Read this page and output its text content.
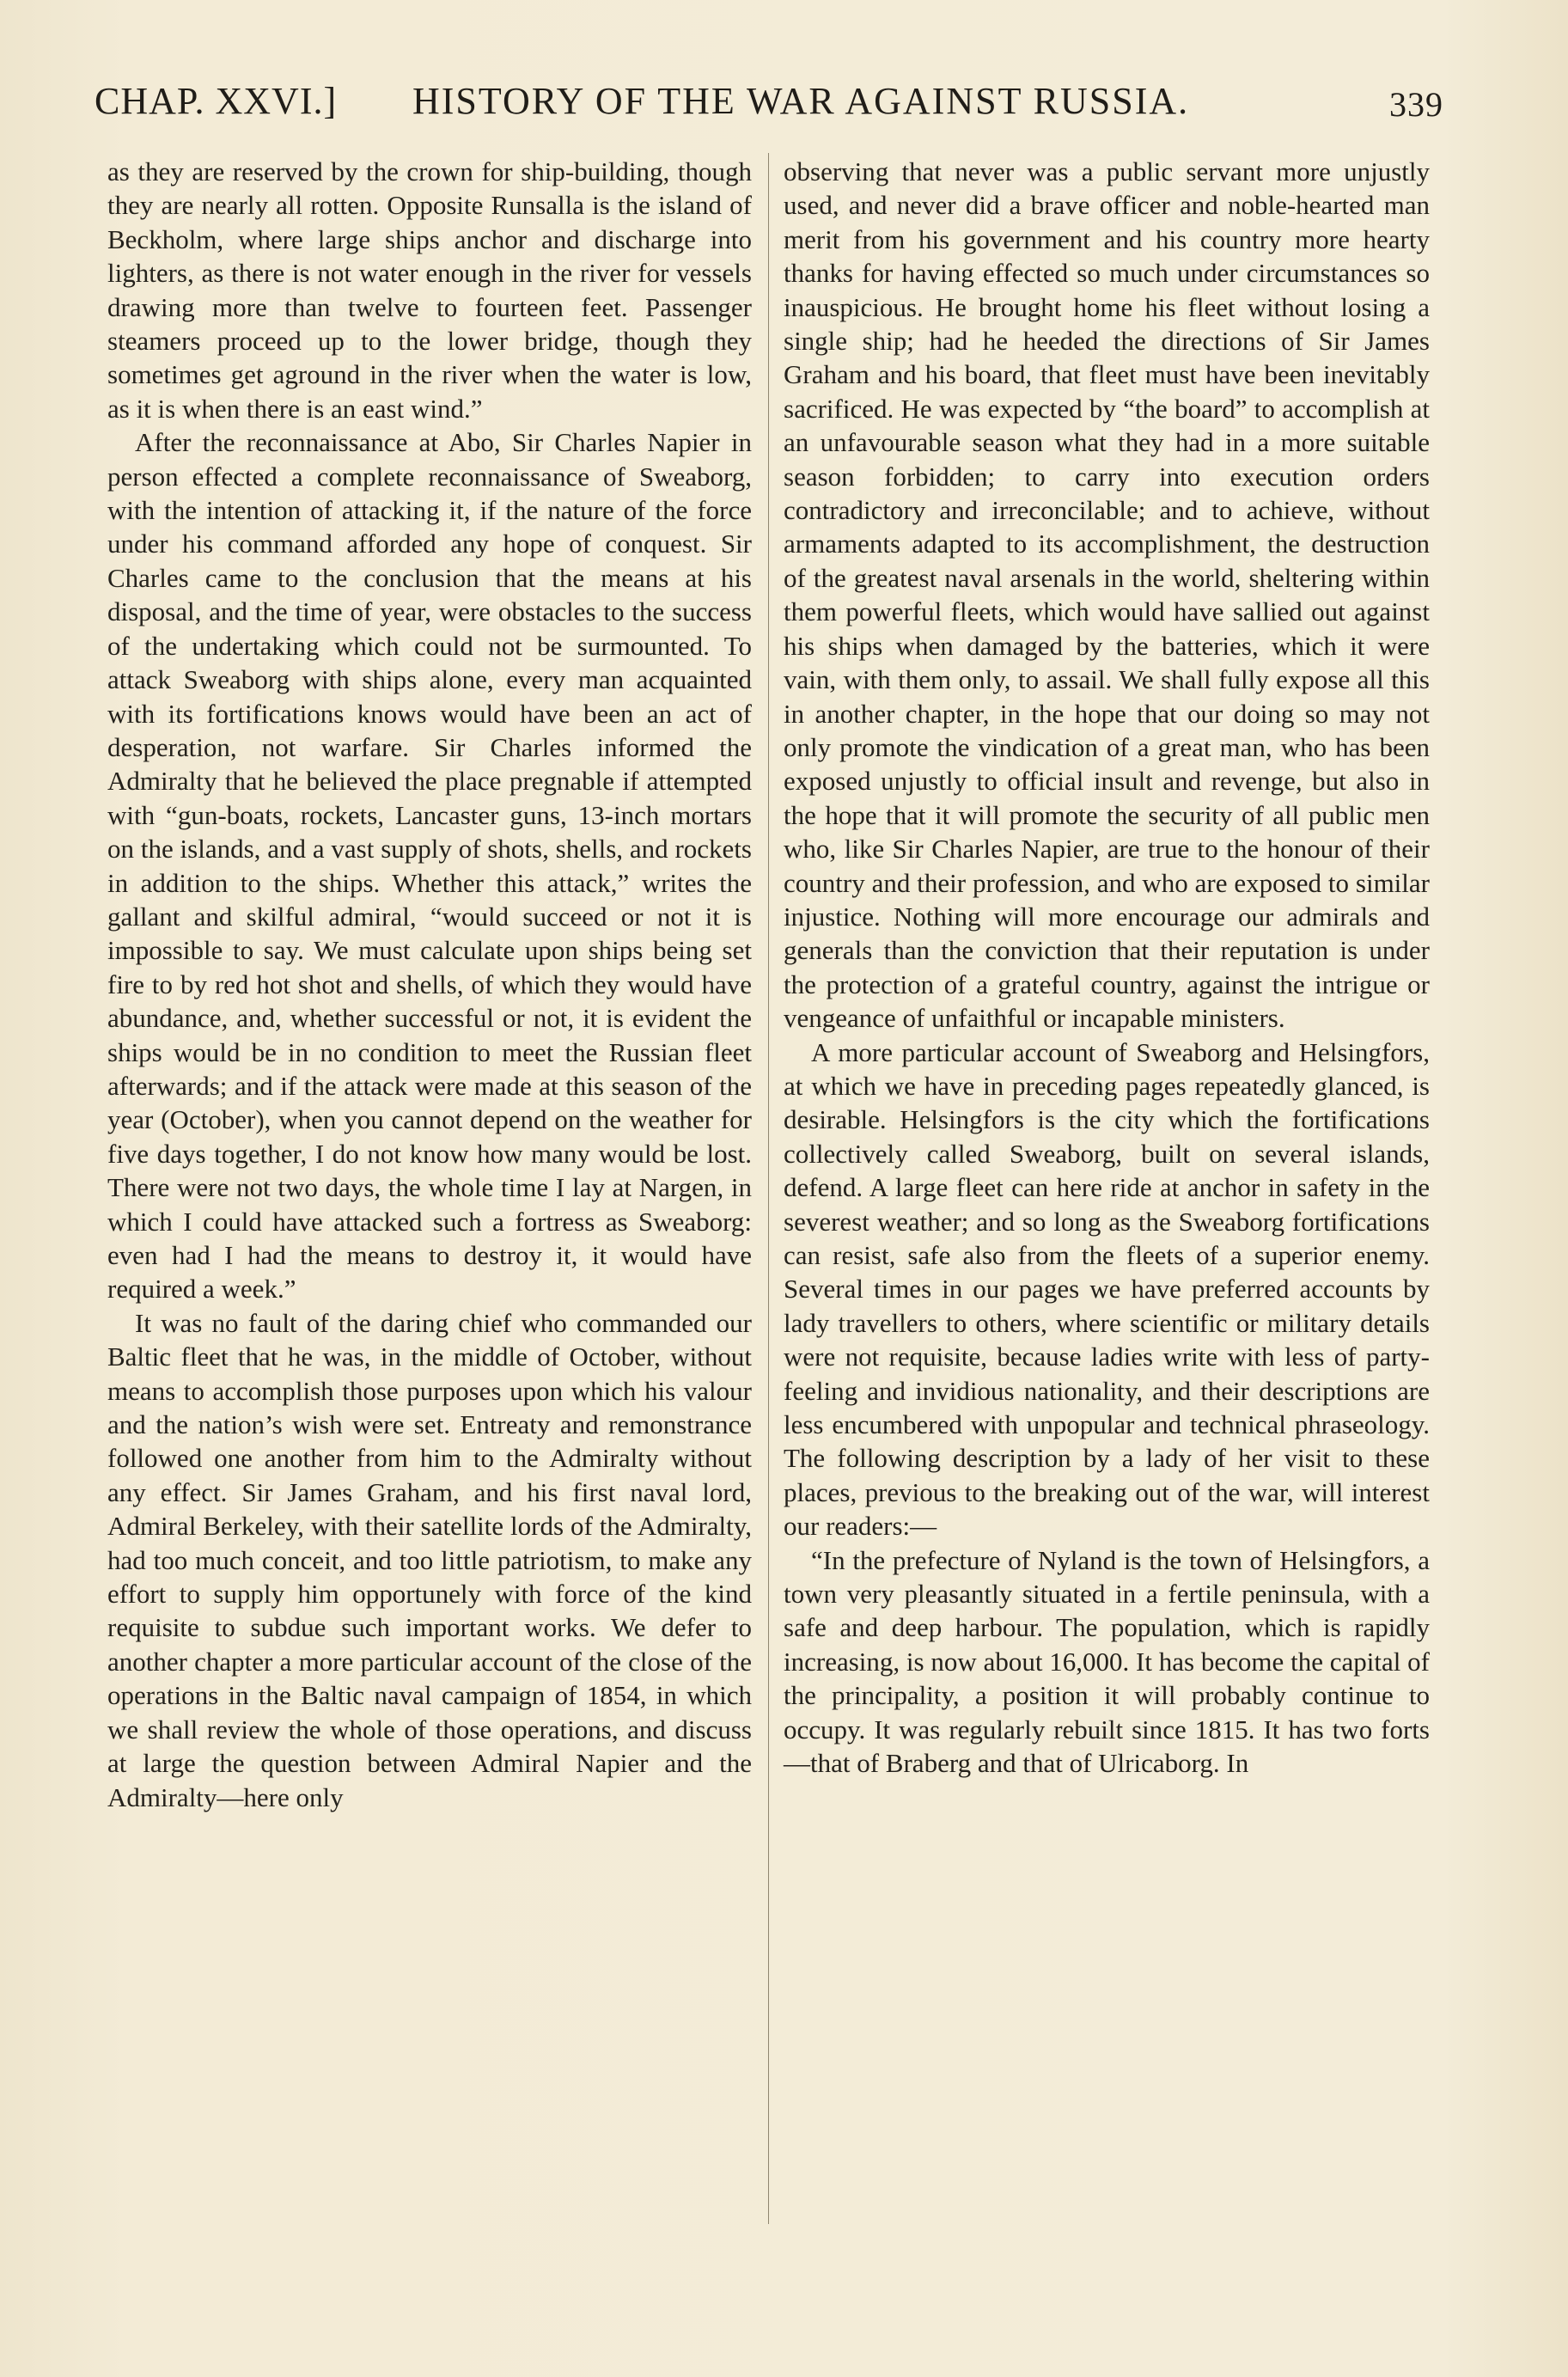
CHAP. XXVI.] HISTORY OF THE WAR AGAINST RUSSIA.	339

as they are reserved by the crown for ship-building, though they are nearly all rotten. Opposite Runsalla is the island of Beckholm, where large ships anchor and discharge into lighters, as there is not water enough in the river for vessels drawing more than twelve to fourteen feet. Passenger steamers proceed up to the lower bridge, though they sometimes get aground in the river when the water is low, as it is when there is an east wind.”

After the reconnaissance at Abo, Sir Charles Napier in person effected a complete reconnaissance of Sweaborg, with the intention of attacking it, if the nature of the force under his command afforded any hope of conquest. Sir Charles came to the conclusion that the means at his disposal, and the time of year, were obstacles to the success of the undertaking which could not be surmounted. To attack Sweaborg with ships alone, every man acquainted with its fortifications knows would have been an act of desperation, not warfare. Sir Charles informed the Admiralty that he believed the place pregnable if attempted with “gun-boats, rockets, Lancaster guns, 13-inch mortars on the islands, and a vast supply of shots, shells, and rockets in addition to the ships. Whether this attack,” writes the gallant and skilful admiral, “would succeed or not it is impossible to say. We must calculate upon ships being set fire to by red hot shot and shells, of which they would have abundance, and, whether successful or not, it is evident the ships would be in no condition to meet the Russian fleet afterwards; and if the attack were made at this season of the year (October), when you cannot depend on the weather for five days together, I do not know how many would be lost. There were not two days, the whole time I lay at Nargen, in which I could have attacked such a fortress as Sweaborg: even had I had the means to destroy it, it would have required a week.”

It was no fault of the daring chief who commanded our Baltic fleet that he was, in the middle of October, without means to accomplish those purposes upon which his valour and the nation’s wish were set. Entreaty and remonstrance followed one another from him to the Admiralty without any effect. Sir James Graham, and his first naval lord, Admiral Berkeley, with their satellite lords of the Admiralty, had too much conceit, and too little patriotism, to make any effort to supply him opportunely with force of the kind requisite to subdue such important works. We defer to another chapter a more particular account of the close of the operations in the Baltic naval campaign of 1854, in which we shall review the whole of those operations, and discuss at large the question between Admiral Napier and the Admiralty—here only

observing that never was a public servant more unjustly used, and never did a brave officer and noble-hearted man merit from his government and his country more hearty thanks for having effected so much under circumstances so inauspicious. He brought home his fleet without losing a single ship; had he heeded the directions of Sir James Graham and his board, that fleet must have been inevitably sacrificed. He was expected by “the board” to accomplish at an unfavourable season what they had in a more suitable season forbidden; to carry into execution orders contradictory and irreconcilable; and to achieve, without armaments adapted to its accomplishment, the destruction of the greatest naval arsenals in the world, sheltering within them powerful fleets, which would have sallied out against his ships when damaged by the batteries, which it were vain, with them only, to assail. We shall fully expose all this in another chapter, in the hope that our doing so may not only promote the vindication of a great man, who has been exposed unjustly to official insult and revenge, but also in the hope that it will promote the security of all public men who, like Sir Charles Napier, are true to the honour of their country and their profession, and who are exposed to similar injustice. Nothing will more encourage our admirals and generals than the conviction that their reputation is under the protection of a grateful country, against the intrigue or vengeance of unfaithful or incapable ministers.

A more particular account of Sweaborg and Helsingfors, at which we have in preceding pages repeatedly glanced, is desirable. Helsingfors is the city which the fortifications collectively called Sweaborg, built on several islands, defend. A large fleet can here ride at anchor in safety in the severest weather; and so long as the Sweaborg fortifications can resist, safe also from the fleets of a superior enemy. Several times in our pages we have preferred accounts by lady travellers to others, where scientific or military details were not requisite, because ladies write with less of party-feeling and invidious nationality, and their descriptions are less encumbered with unpopular and technical phraseology. The following description by a lady of her visit to these places, previous to the breaking out of the war, will interest our readers:—

“In the prefecture of Nyland is the town of Helsingfors, a town very pleasantly situated in a fertile peninsula, with a safe and deep harbour. The population, which is rapidly increasing, is now about 16,000. It has become the capital of the principality, a position it will probably continue to occupy. It was regularly rebuilt since 1815. It has two forts —that of Braberg and that of Ulricaborg. In
